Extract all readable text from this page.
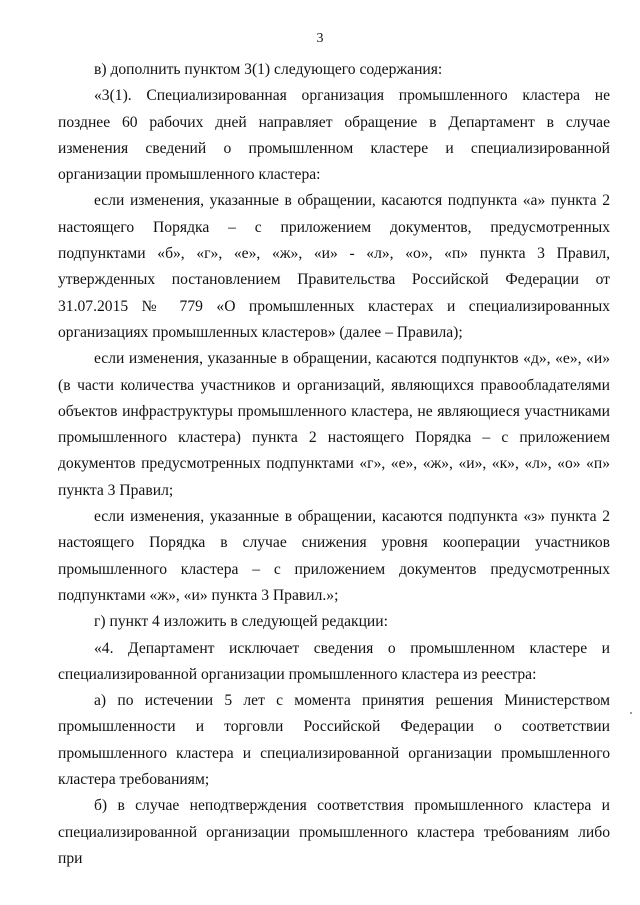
3

в) дополнить пунктом 3(1) следующего содержания:

«3(1). Специализированная организация промышленного кластера не позднее 60 рабочих дней направляет обращение в Департамент в случае изменения сведений о промышленном кластере и специализированной организации промышленного кластера:

если изменения, указанные в обращении, касаются подпункта «а» пункта 2 настоящего Порядка – с приложением документов, предусмотренных подпунктами «б», «г», «е», «ж», «и» - «л», «о», «п» пункта 3 Правил, утвержденных постановлением Правительства Российской Федерации от 31.07.2015 № 779 «О промышленных кластерах и специализированных организациях промышленных кластеров» (далее – Правила);

если изменения, указанные в обращении, касаются подпунктов «д», «е», «и» (в части количества участников и организаций, являющихся правообладателями объектов инфраструктуры промышленного кластера, не являющиеся участниками промышленного кластера) пункта 2 настоящего Порядка – с приложением документов предусмотренных подпунктами «г», «е», «ж», «и», «к», «л», «о» «п» пункта 3 Правил;

если изменения, указанные в обращении, касаются подпункта «з» пункта 2 настоящего Порядка в случае снижения уровня кооперации участников промышленного кластера – с приложением документов предусмотренных подпунктами «ж», «и» пункта 3 Правил.»;

г) пункт 4 изложить в следующей редакции:

«4. Департамент исключает сведения о промышленном кластере и специализированной организации промышленного кластера из реестра:

а) по истечении 5 лет с момента принятия решения Министерством промышленности и торговли Российской Федерации о соответствии промышленного кластера и специализированной организации промышленного кластера требованиям;

б) в случае неподтверждения соответствия промышленного кластера и специализированной организации промышленного кластера требованиям либо при
